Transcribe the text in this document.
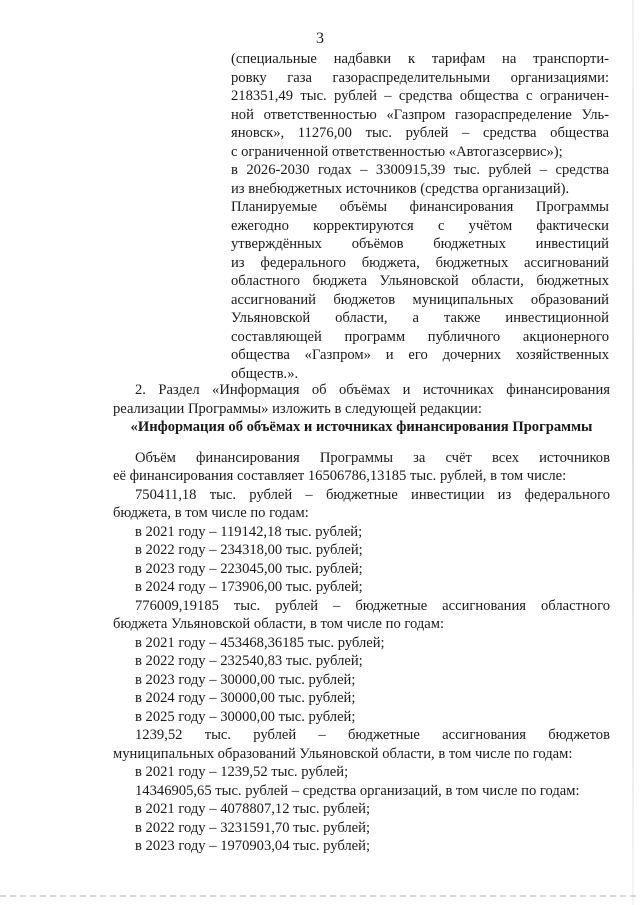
3

(специальные надбавки к тарифам на транспорти-

ровку газа газораспределительными организациями:

218351,49 тыс. рублей – средства общества с ограничен-

ной ответственностью «Газпром газораспределение Уль-

яновск», 11276,00 тыс. рублей – средства общества

с ограниченной ответственностью «Автогазсервис»);

в 2026-2030 годах – 3300915,39 тыс. рублей – средства

из внебюджетных источников (средства организаций).

Планируемые объёмы финансирования Программы

ежегодно корректируются с учётом фактически

утверждённых объёмов бюджетных инвестиций

из федерального бюджета, бюджетных ассигнований

областного бюджета Ульяновской области, бюджетных

ассигнований бюджетов муниципальных образований

Ульяновской области, а также инвестиционной

составляющей программ публичного акционерного

общества «Газпром» и его дочерних хозяйственных

обществ.».

2. Раздел «Информация об объёмах и источниках финансирования

реализации Программы» изложить в следующей редакции:

«Информация об объёмах и источниках финансирования Программы

Объём финансирования Программы за счёт всех источников

её финансирования составляет 16506786,13185 тыс. рублей, в том числе:

750411,18 тыс. рублей – бюджетные инвестиции из федерального

бюджета, в том числе по годам:

в 2021 году – 119142,18 тыс. рублей;

в 2022 году – 234318,00 тыс. рублей;

в 2023 году – 223045,00 тыс. рублей;

в 2024 году – 173906,00 тыс. рублей;

776009,19185 тыс. рублей – бюджетные ассигнования областного

бюджета Ульяновской области, в том числе по годам:

в 2021 году – 453468,36185 тыс. рублей;

в 2022 году – 232540,83 тыс. рублей;

в 2023 году – 30000,00 тыс. рублей;

в 2024 году – 30000,00 тыс. рублей;

в 2025 году – 30000,00 тыс. рублей;

1239,52 тыс. рублей – бюджетные ассигнования бюджетов

муниципальных образований Ульяновской области, в том числе по годам:

в 2021 году – 1239,52 тыс. рублей;

14346905,65 тыс. рублей – средства организаций, в том числе по годам:

в 2021 году – 4078807,12 тыс. рублей;

в 2022 году – 3231591,70 тыс. рублей;

в 2023 году – 1970903,04 тыс. рублей;
